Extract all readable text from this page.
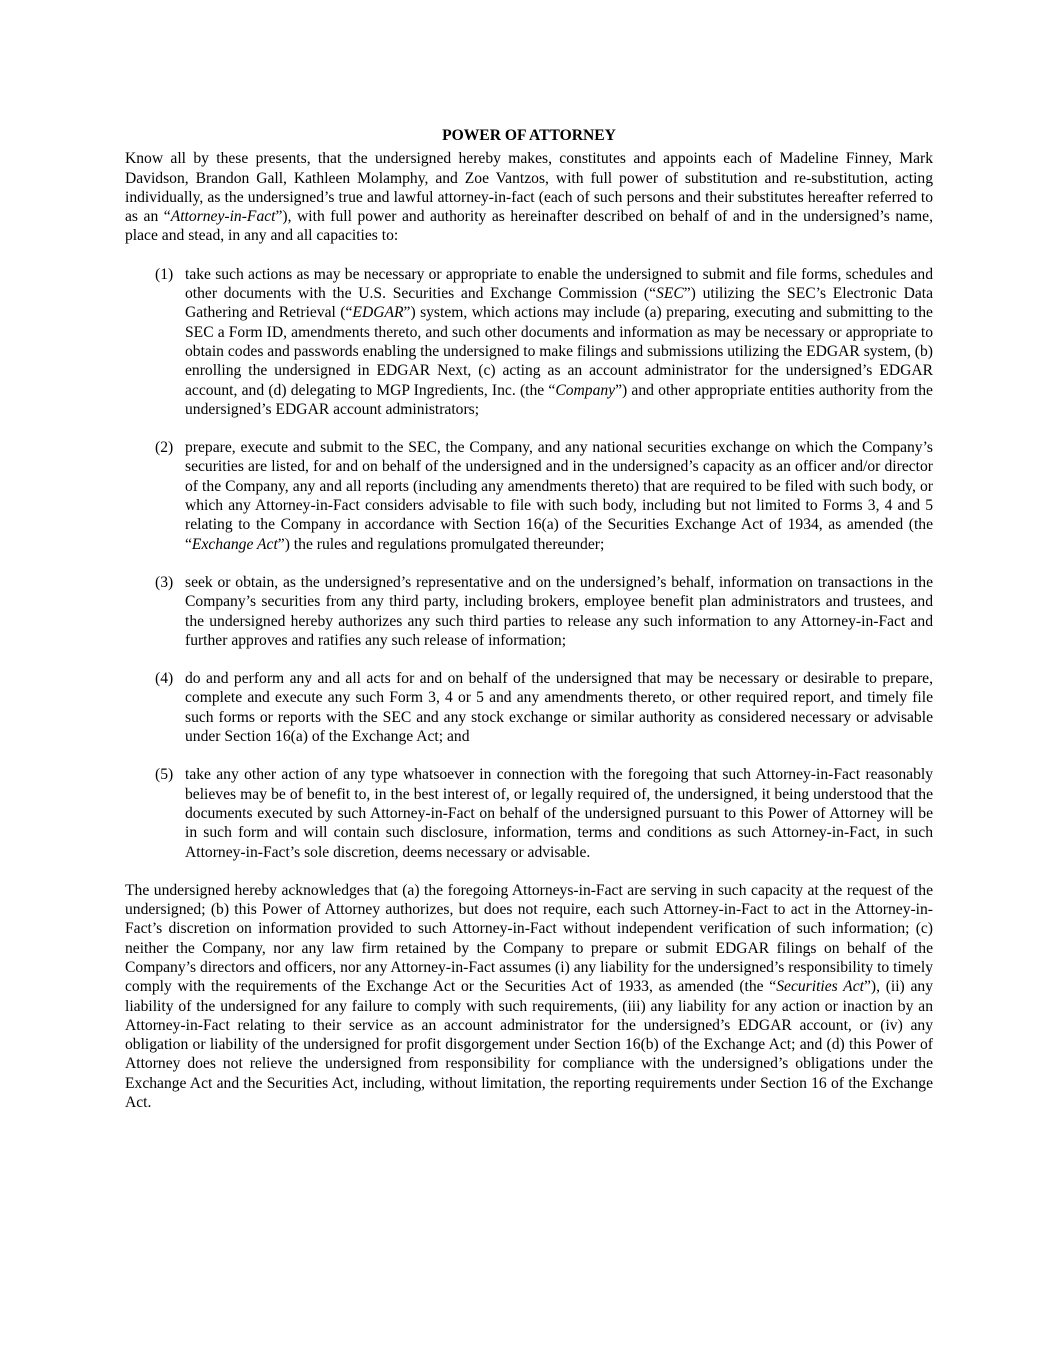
POWER OF ATTORNEY

Know all by these presents, that the undersigned hereby makes, constitutes and appoints each of Madeline Finney, Mark Davidson, Brandon Gall, Kathleen Molamphy, and Zoe Vantzos, with full power of substitution and re-substitution, acting individually, as the undersigned’s true and lawful attorney-in-fact (each of such persons and their substitutes hereafter referred to as an “Attorney-in-Fact”), with full power and authority as hereinafter described on behalf of and in the undersigned’s name, place and stead, in any and all capacities to:

(1) take such actions as may be necessary or appropriate to enable the undersigned to submit and file forms, schedules and other documents with the U.S. Securities and Exchange Commission (“SEC”) utilizing the SEC’s Electronic Data Gathering and Retrieval (“EDGAR”) system, which actions may include (a) preparing, executing and submitting to the SEC a Form ID, amendments thereto, and such other documents and information as may be necessary or appropriate to obtain codes and passwords enabling the undersigned to make filings and submissions utilizing the EDGAR system, (b) enrolling the undersigned in EDGAR Next, (c) acting as an account administrator for the undersigned’s EDGAR account, and (d) delegating to MGP Ingredients, Inc. (the “Company”) and other appropriate entities authority from the undersigned’s EDGAR account administrators;
(2) prepare, execute and submit to the SEC, the Company, and any national securities exchange on which the Company’s securities are listed, for and on behalf of the undersigned and in the undersigned’s capacity as an officer and/or director of the Company, any and all reports (including any amendments thereto) that are required to be filed with such body, or which any Attorney-in-Fact considers advisable to file with such body, including but not limited to Forms 3, 4 and 5 relating to the Company in accordance with Section 16(a) of the Securities Exchange Act of 1934, as amended (the “Exchange Act”) the rules and regulations promulgated thereunder;
(3) seek or obtain, as the undersigned’s representative and on the undersigned’s behalf, information on transactions in the Company’s securities from any third party, including brokers, employee benefit plan administrators and trustees, and the undersigned hereby authorizes any such third parties to release any such information to any Attorney-in-Fact and further approves and ratifies any such release of information;
(4) do and perform any and all acts for and on behalf of the undersigned that may be necessary or desirable to prepare, complete and execute any such Form 3, 4 or 5 and any amendments thereto, or other required report, and timely file such forms or reports with the SEC and any stock exchange or similar authority as considered necessary or advisable under Section 16(a) of the Exchange Act; and
(5) take any other action of any type whatsoever in connection with the foregoing that such Attorney-in-Fact reasonably believes may be of benefit to, in the best interest of, or legally required of, the undersigned, it being understood that the documents executed by such Attorney-in-Fact on behalf of the undersigned pursuant to this Power of Attorney will be in such form and will contain such disclosure, information, terms and conditions as such Attorney-in-Fact, in such Attorney-in-Fact’s sole discretion, deems necessary or advisable.

The undersigned hereby acknowledges that (a) the foregoing Attorneys-in-Fact are serving in such capacity at the request of the undersigned; (b) this Power of Attorney authorizes, but does not require, each such Attorney-in-Fact to act in the Attorney-in-Fact’s discretion on information provided to such Attorney-in-Fact without independent verification of such information; (c) neither the Company, nor any law firm retained by the Company to prepare or submit EDGAR filings on behalf of the Company’s directors and officers, nor any Attorney-in-Fact assumes (i) any liability for the undersigned’s responsibility to timely comply with the requirements of the Exchange Act or the Securities Act of 1933, as amended (the “Securities Act”), (ii) any liability of the undersigned for any failure to comply with such requirements, (iii) any liability for any action or inaction by an Attorney-in-Fact relating to their service as an account administrator for the undersigned’s EDGAR account, or (iv) any obligation or liability of the undersigned for profit disgorgement under Section 16(b) of the Exchange Act; and (d) this Power of Attorney does not relieve the undersigned from responsibility for compliance with the undersigned’s obligations under the Exchange Act and the Securities Act, including, without limitation, the reporting requirements under Section 16 of the Exchange Act.
